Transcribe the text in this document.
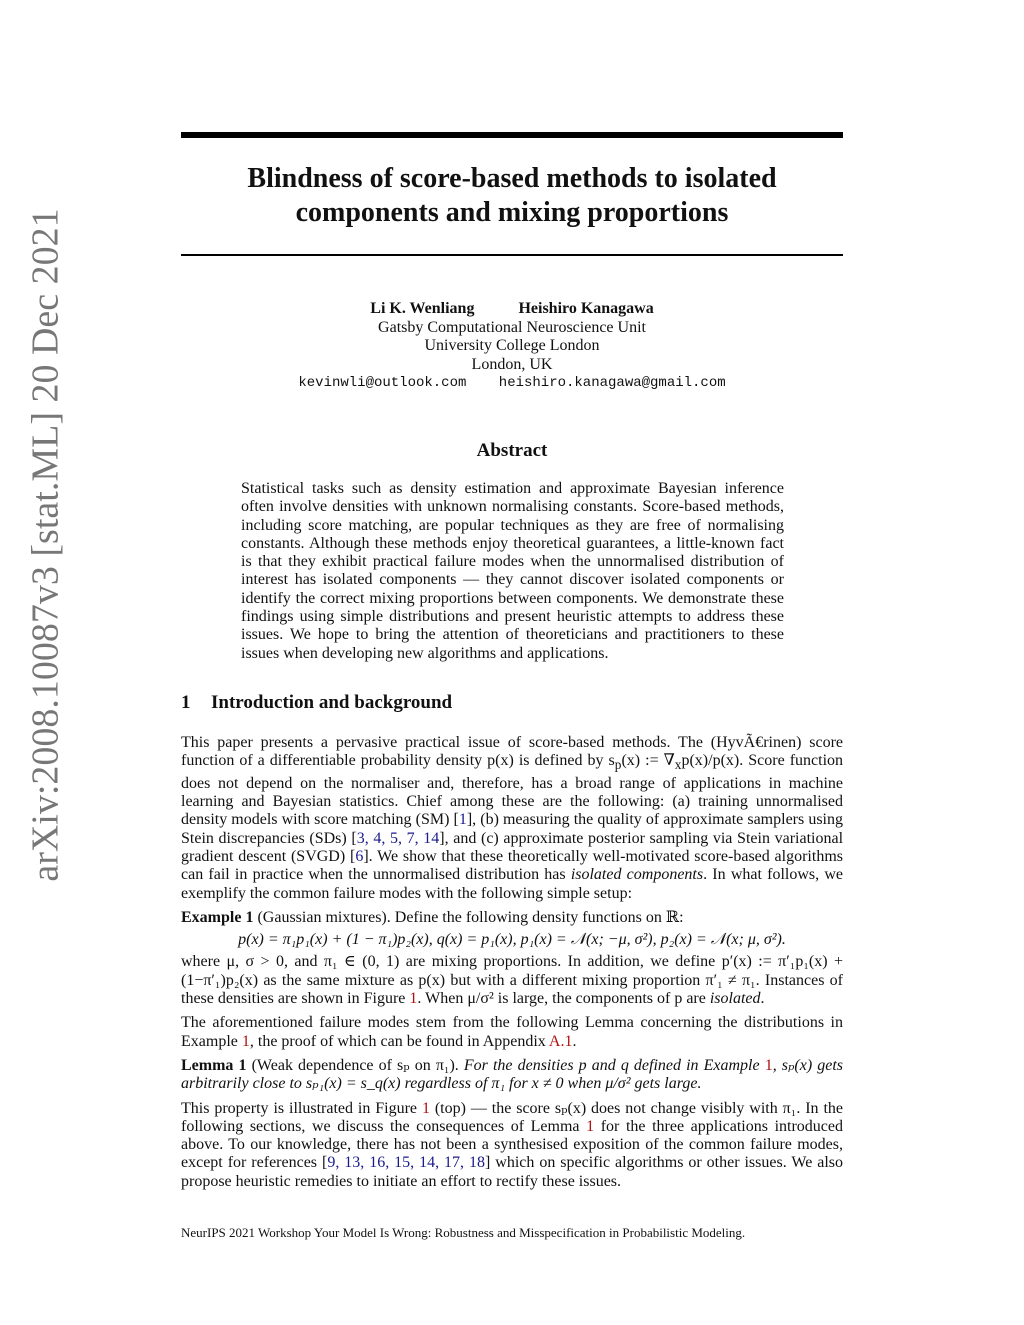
arXiv:2008.10087v3 [stat.ML] 20 Dec 2021
Blindness of score-based methods to isolated
components and mixing proportions
Li K. Wenliang	Heishiro Kanagawa
Gatsby Computational Neuroscience Unit
University College London
London, UK
kevinwli@outlook.com heishiro.kanagawa@gmail.com
Abstract
Statistical tasks such as density estimation and approximate Bayesian inference often involve densities with unknown normalising constants. Score-based methods, including score matching, are popular techniques as they are free of normalising constants. Although these methods enjoy theoretical guarantees, a little-known fact is that they exhibit practical failure modes when the unnormalised distribution of interest has isolated components — they cannot discover isolated components or identify the correct mixing proportions between components. We demonstrate these findings using simple distributions and present heuristic attempts to address these issues. We hope to bring the attention of theoreticians and practitioners to these issues when developing new algorithms and applications.
1 Introduction and background

This paper presents a pervasive practical issue of score-based methods. The (HyvÃ€rinen) score function of a differentiable probability density p(x) is defined by $s_p(x)$ := $\nabla_xp(x)/p(x)$. Score function does not depend on the normaliser and, therefore, has a broad range of applications in machine learning and Bayesian statistics. Chief among these are the following: (a) training unnormalised density models with score matching (SM) [1], (b) measuring the quality of approximate samplers using Stein discrepancies (SDs) [3, 4, 5, 7, 14], and (c) approximate posterior sampling via Stein variational gradient descent (SVGD) [6]. We show that these theoretically well-motivated score-based algorithms can fail in practice when the unnormalised distribution has isolated components. In what follows, we exemplify the common failure modes with the following simple setup:

Example 1 (Gaussian mixtures). Define the following density functions on ℝ:

p(x) = π₁p₁(x) + (1 − π₁)p₂(x), q(x) = p₁(x), p₁(x) = 𝒩(x; −μ, σ²), p₂(x) = 𝒩(x; μ, σ²).

where μ, σ > 0, and π₁ ∈ (0, 1) are mixing proportions. In addition, we define p′(x) := π′₁p₁(x) + (1−π′₁)p₂(x) as the same mixture as p(x) but with a different mixing proportion π′₁ ≠ π₁. Instances of these densities are shown in Figure 1. When μ/σ² is large, the components of p are isolated.

The aforementioned failure modes stem from the following Lemma concerning the distributions in Example 1, the proof of which can be found in Appendix A.1.

Lemma 1 (Weak dependence of sₚ on π₁). For the densities p and q defined in Example 1, sₚ(x) gets arbitrarily close to sₚ₁(x) = s_q(x) regardless of π₁ for x ≠ 0 when μ/σ² gets large.

This property is illustrated in Figure 1 (top) — the score sₚ(x) does not change visibly with π₁. In the following sections, we discuss the consequences of Lemma 1 for the three applications introduced above. To our knowledge, there has not been a synthesised exposition of the common failure modes, except for references [9, 13, 16, 15, 14, 17, 18] which on specific algorithms or other issues. We also propose heuristic remedies to initiate an effort to rectify these issues.

NeurIPS 2021 Workshop Your Model Is Wrong: Robustness and Misspecification in Probabilistic Modeling.
